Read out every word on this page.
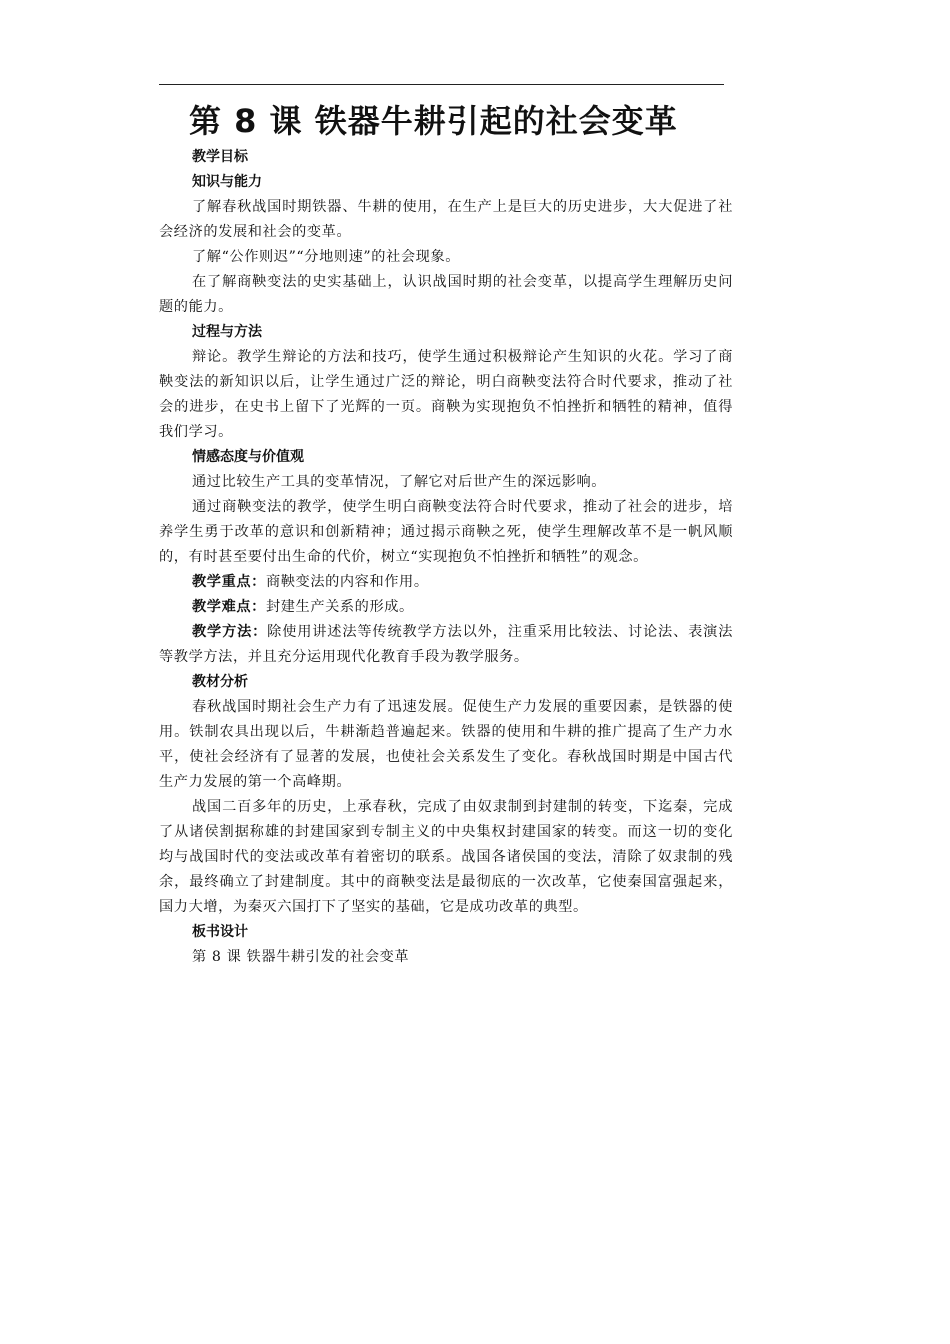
第 8 课 铁器牛耕引起的社会变革

教学目标

知识与能力

了解春秋战国时期铁器、牛耕的使用，在生产上是巨大的历史进步，大大促进了社会经济的发展和社会的变革。

了解“公作则迟”“分地则速”的社会现象。

在了解商鞅变法的史实基础上，认识战国时期的社会变革，以提高学生理解历史问题的能力。

过程与方法

辩论。教学生辩论的方法和技巧，使学生通过积极辩论产生知识的火花。学习了商鞅变法的新知识以后，让学生通过广泛的辩论，明白商鞅变法符合时代要求，推动了社会的进步，在史书上留下了光辉的一页。商鞅为实现抱负不怕挫折和牺牲的精神，值得我们学习。

情感态度与价值观

通过比较生产工具的变革情况，了解它对后世产生的深远影响。

通过商鞅变法的教学，使学生明白商鞅变法符合时代要求，推动了社会的进步，培养学生勇于改革的意识和创新精神；通过揭示商鞅之死，使学生理解改革不是一帆风顺的，有时甚至要付出生命的代价，树立“实现抱负不怕挫折和牺牲”的观念。

教学重点：商鞅变法的内容和作用。

教学难点：封建生产关系的形成。

教学方法：除使用讲述法等传统教学方法以外，注重采用比较法、讨论法、表演法等教学方法，并且充分运用现代化教育手段为教学服务。

教材分析

春秋战国时期社会生产力有了迅速发展。促使生产力发展的重要因素，是铁器的使用。铁制农具出现以后，牛耕渐趋普遍起来。铁器的使用和牛耕的推广提高了生产力水平，使社会经济有了显著的发展，也使社会关系发生了变化。春秋战国时期是中国古代生产力发展的第一个高峰期。

战国二百多年的历史，上承春秋，完成了由奴隶制到封建制的转变，下迄秦，完成了从诸侯割据称雄的封建国家到专制主义的中央集权封建国家的转变。而这一切的变化均与战国时代的变法或改革有着密切的联系。战国各诸侯国的变法，清除了奴隶制的残余，最终确立了封建制度。其中的商鞅变法是最彻底的一次改革，它使秦国富强起来，国力大增，为秦灭六国打下了坚实的基础，它是成功改革的典型。

板书设计

第 8 课 铁器牛耕引发的社会变革
